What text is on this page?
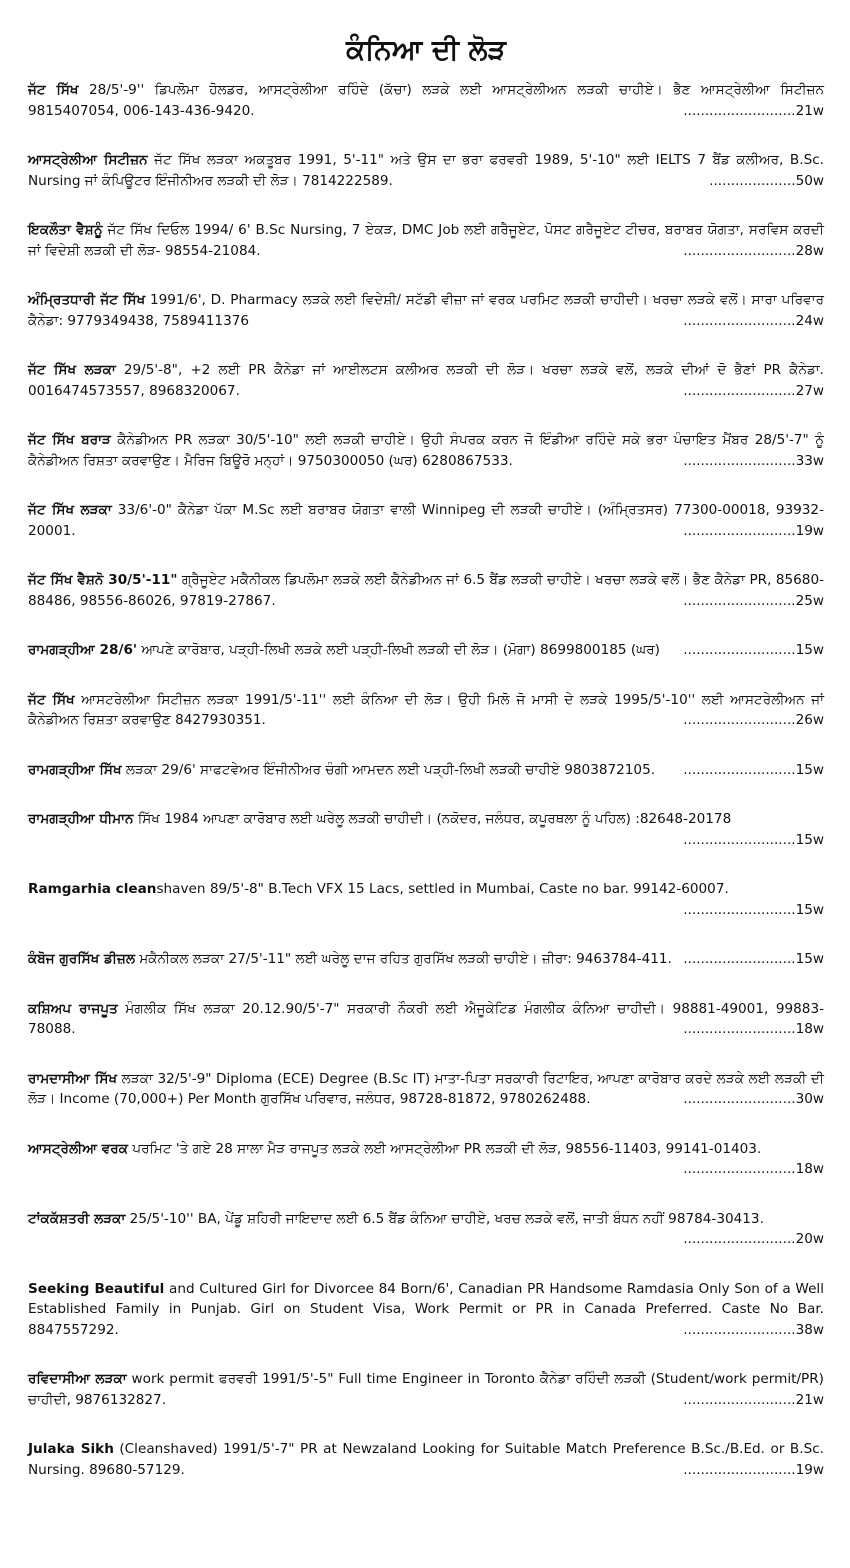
ਕੰਨਿਆ ਦੀ ਲੋੜ
ਜੱਟ ਸਿੱਖ 28/5'-9'' ਡਿਪਲੋਮਾ ਹੋਲਡਰ, ਆਸਟ੍ਰੇਲੀਆ ਰਹਿੰਦੇ (ਕੱਚਾ) ਲੜਕੇ ਲਈ ਆਸਟ੍ਰੇਲੀਅਨ ਲੜਕੀ ਚਾਹੀਏ। ਭੈਣ ਆਸਟ੍ਰੇਲੀਆ ਸਿਟੀਜ਼ਨ 9815407054, 006-143-436-9420.	..........................21w
ਆਸਟ੍ਰੇਲੀਆ ਸਿਟੀਜ਼ਨ ਜੱਟ ਸਿੱਖ ਲੜਕਾ ਅਕਤੂਬਰ 1991, 5'-11" ਅਤੇ ਉਸ ਦਾ ਭਰਾ ਫਰਵਰੀ 1989, 5'-10" ਲਈ IELTS 7 ਬੈਂਡ ਕਲੀਅਰ, B.Sc. Nursing ਜਾਂ ਕੰਪਿਊਟਰ ਇੰਜੀਨੀਅਰ ਲੜਕੀ ਦੀ ਲੋੜ। 7814222589.	....................50w
ਇਕਲੌਤਾ ਵੈਸ਼ਨੂੰ ਜੱਟ ਸਿੱਖ ਦਿਓਲ 1994/ 6' B.Sc Nursing, 7 ਏਕੜ, DMC Job ਲਈ ਗਰੈਜੂਏਟ, ਪੋਸਟ ਗਰੈਜੂਏਟ ਟੀਚਰ, ਬਰਾਬਰ ਯੋਗਤਾ, ਸਰਵਿਸ ਕਰਦੀ ਜਾਂ ਵਿਦੇਸ਼ੀ ਲੜਕੀ ਦੀ ਲੋੜ- 98554-21084.	..........................28w
ਅੰਮ੍ਰਿਤਧਾਰੀ ਜੱਟ ਸਿੱਖ 1991/6', D. Pharmacy ਲੜਕੇ ਲਈ ਵਿਦੇਸ਼ੀ/ ਸਟੱਡੀ ਵੀਜ਼ਾ ਜਾਂ ਵਰਕ ਪਰਮਿਟ ਲੜਕੀ ਚਾਹੀਦੀ। ਖਰਚਾ ਲੜਕੇ ਵਲੋਂ। ਸਾਰਾ ਪਰਿਵਾਰ ਕੈਨੇਡਾ: 9779349438, 7589411376	..........................24w
ਜੱਟ ਸਿੱਖ ਲੜਕਾ 29/5'-8", +2 ਲਈ PR ਕੈਨੇਡਾ ਜਾਂ ਆਈਲਟਸ ਕਲੀਅਰ ਲੜਕੀ ਦੀ ਲੋੜ। ਖਰਚਾ ਲੜਕੇ ਵਲੋਂ, ਲੜਕੇ ਦੀਆਂ ਦੋ ਭੈਣਾਂ PR ਕੈਨੇਡਾ. 0016474573557, 8968320067.	..........................27w
ਜੱਟ ਸਿੱਖ ਬਰਾੜ ਕੈਨੇਡੀਅਨ PR ਲੜਕਾ 30/5'-10" ਲਈ ਲੜਕੀ ਚਾਹੀਏ। ਉਹੀ ਸੰਪਰਕ ਕਰਨ ਜੋ ਇੰਡੀਆ ਰਹਿੰਦੇ ਸਕੇ ਭਰਾ ਪੰਚਾਇਤ ਮੈਂਬਰ 28/5'-7" ਨੂੰ ਕੈਨੇਡੀਅਨ ਰਿਸ਼ਤਾ ਕਰਵਾਉਣ। ਮੈਰਿਜ ਬਿਊਰੋ ਮਨ੍ਹਾਂ। 9750300050 (ਘਰ) 6280867533.	..........................33w
ਜੱਟ ਸਿੱਖ ਲੜਕਾ 33/6'-0" ਕੈਨੇਡਾ ਪੱਕਾ M.Sc ਲਈ ਬਰਾਬਰ ਯੋਗਤਾ ਵਾਲੀ Winnipeg ਦੀ ਲੜਕੀ ਚਾਹੀਏ। (ਅੰਮ੍ਰਿਤਸਰ) 77300-00018, 93932-20001.	..........................19w
ਜੱਟ ਸਿੱਖ ਵੈਸ਼ਨੋ 30/5'-11" ਗ੍ਰੈਜੂਏਟ ਮਕੈਨੀਕਲ ਡਿਪਲੋਮਾ ਲੜਕੇ ਲਈ ਕੈਨੇਡੀਅਨ ਜਾਂ 6.5 ਬੈਂਡ ਲੜਕੀ ਚਾਹੀਏ। ਖਰਚਾ ਲੜਕੇ ਵਲੋਂ। ਭੈਣ ਕੈਨੇਡਾ PR, 85680-88486, 98556-86026, 97819-27867.	..........................25w
ਰਾਮਗੜ੍ਹੀਆ 28/6' ਆਪਣੇ ਕਾਰੋਬਾਰ, ਪੜ੍ਹੀ-ਲਿਖੀ ਲੜਕੇ ਲਈ ਪੜ੍ਹੀ-ਲਿਖੀ ਲੜਕੀ ਦੀ ਲੋੜ। (ਮੋਗਾ) 8699800185 (ਘਰ) ..........................15w
ਜੱਟ ਸਿੱਖ ਆਸਟਰੇਲੀਆ ਸਿਟੀਜ਼ਨ ਲੜਕਾ 1991/5'-11'' ਲਈ ਕੰਨਿਆ ਦੀ ਲੋੜ। ਉਹੀ ਮਿਲੋ ਜੋ ਮਾਸੀ ਦੇ ਲੜਕੇ 1995/5'-10'' ਲਈ ਆਸਟਰੇਲੀਅਨ ਜਾਂ ਕੈਨੇਡੀਅਨ ਰਿਸ਼ਤਾ ਕਰਵਾਉਣ 8427930351.	..........................26w
ਰਾਮਗੜ੍ਹੀਆ ਸਿੱਖ ਲੜਕਾ 29/6' ਸਾਫਟਵੇਅਰ ਇੰਜੀਨੀਅਰ ਚੰਗੀ ਆਮਦਨ ਲਈ ਪੜ੍ਹੀ-ਲਿਖੀ ਲੜਕੀ ਚਾਹੀਏ 9803872105. ..........................15w
ਰਾਮਗੜ੍ਹੀਆ ਧੀਮਾਨ ਸਿੱਖ 1984 ਆਪਣਾ ਕਾਰੋਬਾਰ ਲਈ ਘਰੇਲੂ ਲੜਕੀ ਚਾਹੀਦੀ। (ਨਕੋਦਰ, ਜਲੰਧਰ, ਕਪੂਰਥਲਾ ਨੂੰ ਪਹਿਲ) :82648-20178
..........................15w
Ramgarhia cleanshaven 89/5'-8" B.Tech VFX 15 Lacs, settled in Mumbai, Caste no bar. 99142-60007.
..........................15w
ਕੰਬੋਜ ਗੁਰਸਿੱਖ ਡੀਜ਼ਲ ਮਕੈਨੀਕਲ ਲੜਕਾ 27/5'-11" ਲਈ ਘਰੇਲੂ ਦਾਜ ਰਹਿਤ ਗੁਰਸਿੱਖ ਲੜਕੀ ਚਾਹੀਏ। ਜ਼ੀਰਾ: 9463784-411. ..........................15w
ਕਸ਼ਿਅਪ ਰਾਜਪੂਤ ਮੰਗਲੀਕ ਸਿੱਖ ਲੜਕਾ 20.12.90/5'-7" ਸਰਕਾਰੀ ਨੌਕਰੀ ਲਈ ਐਜੂਕੇਟਿਡ ਮੰਗਲੀਕ ਕੰਨਿਆ ਚਾਹੀਦੀ। 98881-49001, 99883-78088.	..........................18w
ਰਾਮਦਾਸੀਆ ਸਿੱਖ ਲੜਕਾ 32/5'-9" Diploma (ECE) Degree (B.Sc IT) ਮਾਤਾ-ਪਿਤਾ ਸਰਕਾਰੀ ਰਿਟਾਇਰ, ਆਪਣਾ ਕਾਰੋਬਾਰ ਕਰਦੇ ਲੜਕੇ ਲਈ ਲੜਕੀ ਦੀ ਲੋੜ। Income (70,000+) Per Month ਗੁਰਸਿੱਖ ਪਰਿਵਾਰ, ਜਲੰਧਰ, 98728-81872, 9780262488.	..........................30w
ਆਸਟ੍ਰੇਲੀਆ ਵਰਕ ਪਰਮਿਟ 'ਤੇ ਗਏ 28 ਸਾਲਾ ਮੈੜ ਰਾਜਪੂਤ ਲੜਕੇ ਲਈ ਆਸਟ੍ਰੇਲੀਆ PR ਲੜਕੀ ਦੀ ਲੋੜ, 98556-11403, 99141-01403.
..........................18w
ਟਾਂਕਕੱਸ਼ਤਰੀ ਲੜਕਾ 25/5'-10'' BA, ਪੇਂਡੂ ਸ਼ਹਿਰੀ ਜਾਇਦਾਦ ਲਈ 6.5 ਬੈਂਡ ਕੰਨਿਆ ਚਾਹੀਏ, ਖਰਚ ਲੜਕੇ ਵਲੋਂ, ਜਾਤੀ ਬੰਧਨ ਨਹੀਂ 98784-30413.
..........................20w
Seeking Beautiful and Cultured Girl for Divorcee 84 Born/6', Canadian PR Handsome Ramdasia Only Son of a Well Established Family in Punjab. Girl on Student Visa, Work Permit or PR in Canada Preferred. Caste No Bar. 8847557292.	..........................38w
ਰਵਿਦਾਸੀਆ ਲੜਕਾ work permit ਫਰਵਰੀ 1991/5'-5" Full time Engineer in Toronto ਕੈਨੇਡਾ ਰਹਿੰਦੀ ਲੜਕੀ (Student/work permit/PR) ਚਾਹੀਦੀ, 9876132827.	..........................21w
Julaka Sikh (Cleanshaved) 1991/5'-7" PR at Newzaland Looking for Suitable Match Preference B.Sc./B.Ed. or B.Sc. Nursing. 89680-57129.	..........................19w
